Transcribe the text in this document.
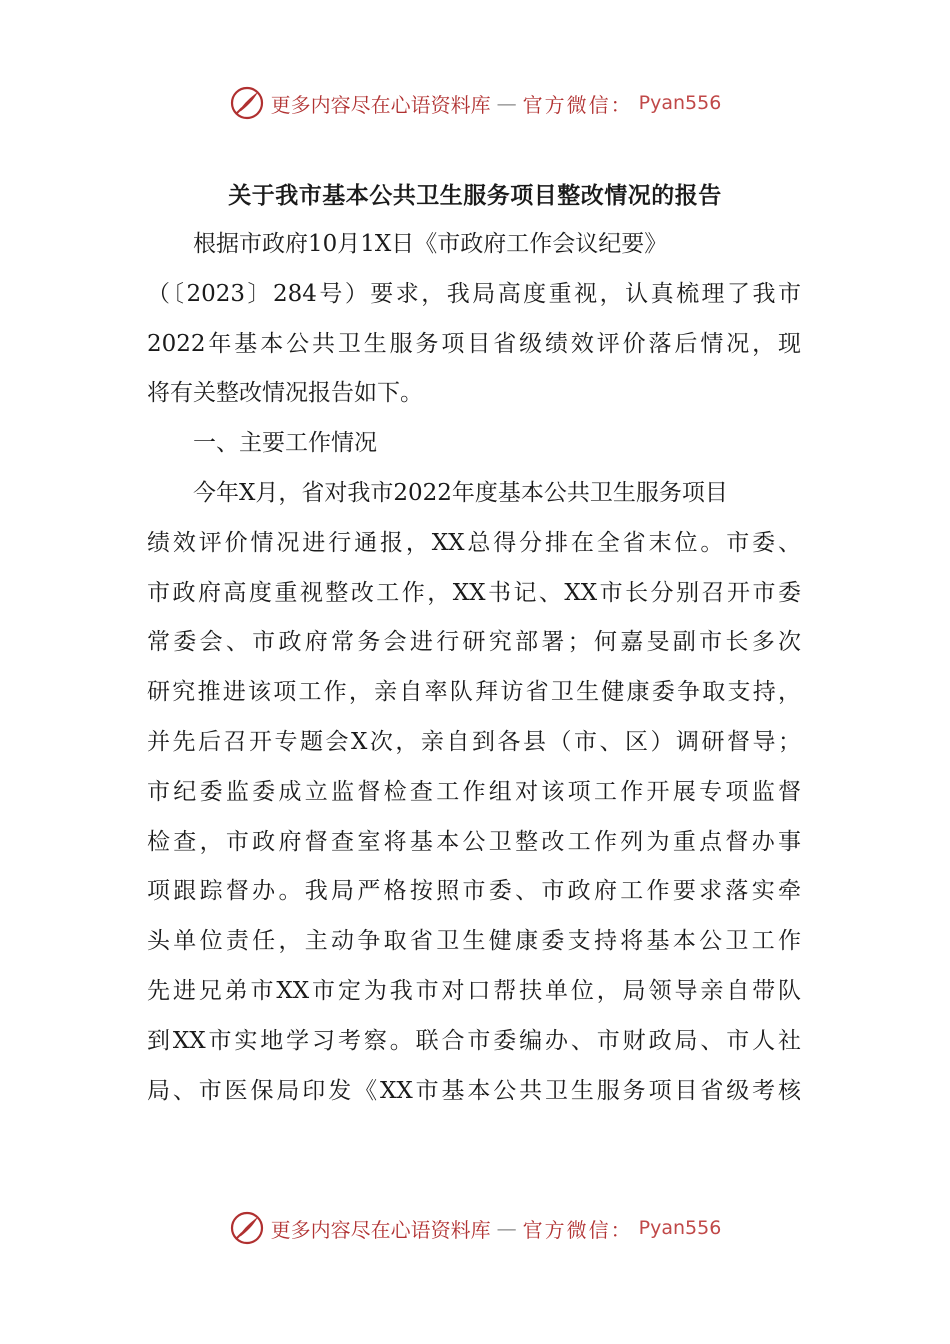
更多内容尽在心语资料库 — 官方微信： Pyan556
关于我市基本公共卫生服务项目整改情况的报告
根据市政府10月1X日《市政府工作会议纪要》
（〔2023〕284号）要求，我局高度重视，认真梳理了我市
2022年基本公共卫生服务项目省级绩效评价落后情况，现
将有关整改情况报告如下。
一、主要工作情况
今年X月，省对我市2022年度基本公共卫生服务项目
绩效评价情况进行通报，XX总得分排在全省末位。市委、
市政府高度重视整改工作，XX书记、XX市长分别召开市委
常委会、市政府常务会进行研究部署；何嘉旻副市长多次
研究推进该项工作，亲自率队拜访省卫生健康委争取支持，
并先后召开专题会X次，亲自到各县（市、区）调研督导；
市纪委监委成立监督检查工作组对该项工作开展专项监督
检查，市政府督查室将基本公卫整改工作列为重点督办事
项跟踪督办。我局严格按照市委、市政府工作要求落实牵
头单位责任，主动争取省卫生健康委支持将基本公卫工作
先进兄弟市XX市定为我市对口帮扶单位，局领导亲自带队
到XX市实地学习考察。联合市委编办、市财政局、市人社
局、市医保局印发《XX市基本公共卫生服务项目省级考核
更多内容尽在心语资料库 — 官方微信： Pyan556
